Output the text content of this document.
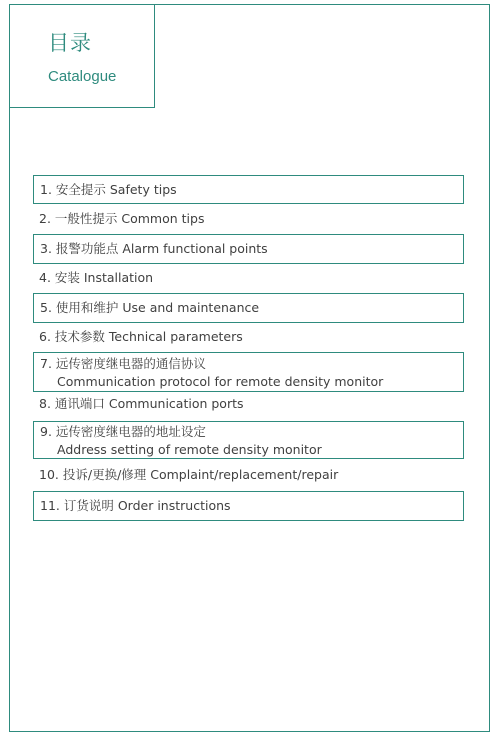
目录
Catalogue
1. 安全提示 Safety tips
2. 一般性提示 Common tips
3. 报警功能点 Alarm functional points
4. 安装 Installation
5. 使用和维护 Use and maintenance
6. 技术参数 Technical parameters
7. 远传密度继电器的通信协议
Communication protocol for remote density monitor
8. 通讯端口 Communication ports
9. 远传密度继电器的地址设定
Address setting of remote density monitor
10. 投诉/更换/修理 Complaint/replacement/repair
11. 订货说明 Order instructions
